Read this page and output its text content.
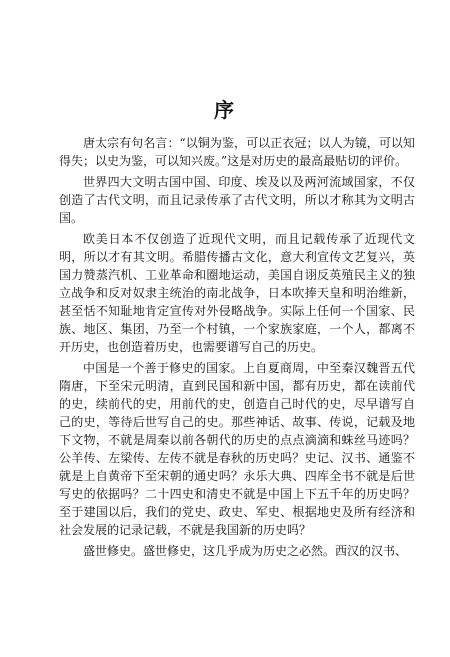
序

唐太宗有句名言：“以铜为鉴，可以正衣冠；以人为镜，可以知得失；以史为鉴，可以知兴废。”这是对历史的最高最贴切的评价。

世界四大文明古国中国、印度、埃及以及两河流域国家，不仅创造了古代文明，而且记录传承了古代文明，所以才称其为文明古国。

欧美日本不仅创造了近现代文明，而且记载传承了近现代文明，所以才有其文明。希腊传播古文化，意大利宣传文艺复兴，英国力赞蒸汽机、工业革命和圈地运动，美国自诩反英殖民主义的独立战争和反对奴隶主统治的南北战争，日本吹捧天皇和明治维新，甚至恬不知耻地肯定宣传对外侵略战争。实际上任何一个国家、民族、地区、集团，乃至一个村镇，一个家族家庭，一个人，都离不开历史，也创造着历史，也需要谱写自己的历史。

中国是一个善于修史的国家。上自夏商周，中至秦汉魏晋五代隋唐，下至宋元明清，直到民国和新中国，都有历史，都在读前代的史，续前代的史，用前代的史，创造自己时代的史，尽早谱写自己的史，等待后世写自己的史。那些神话、故事、传说，记载及地下文物，不就是周秦以前各朝代的历史的点点滴滴和蛛丝马迹吗？公羊传、左梁传、左传不就是春秋的历史吗？史记、汉书、通鉴不就是上自黄帝下至宋朝的通史吗？永乐大典、四库全书不就是后世写史的依据吗？二十四史和清史不就是中国上下五千年的历史吗？至于建国以后，我们的党史、政史、军史、根据地史及所有经济和社会发展的记录记载，不就是我国新的历史吗？

盛世修史。盛世修史，这几乎成为历史之必然。西汉的汉书、
